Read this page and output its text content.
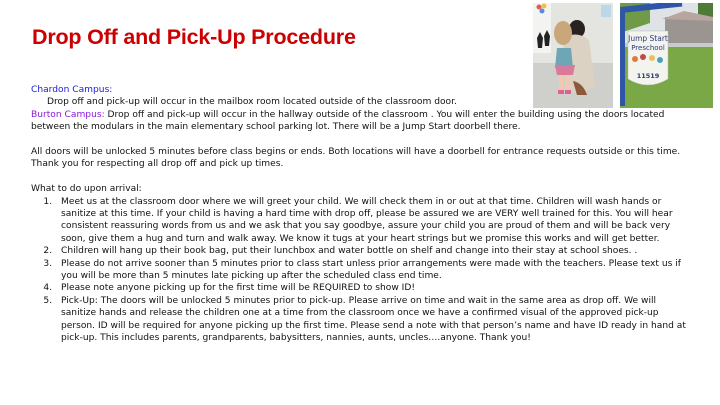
Drop Off and Pick-Up Procedure	Jump Start
Preschool
11519

Chardon Campus:

Drop off and pick-up will occur in the mailbox room located outside of the classroom door.

Burton Campus: Drop off and pick-up will occur in the hallway outside of the classroom . You will enter the building using the doors located between the modulars in the main elementary school parking lot. There will be a Jump Start doorbell there.

All doors will be unlocked 5 minutes before class begins or ends. Both locations will have a doorbell for entrance requests outside or this time. Thank you for respecting all drop off and pick up times.

What to do upon arrival:

1. Meet us at the classroom door where we will greet your child. We will check them in or out at that time. Children will wash hands or sanitize at this time. If your child is having a hard time with drop off, please be assured we are VERY well trained for this. You will hear consistent reassuring words from us and we ask that you say goodbye, assure your child you are proud of them and will be back very soon, give them a hug and turn and walk away. We know it tugs at your heart strings but we promise this works and will get better.
2. Children will hang up their book bag, put their lunchbox and water bottle on shelf and change into their stay at school shoes. .
3. Please do not arrive sooner than 5 minutes prior to class start unless prior arrangements were made with the teachers. Please text us if you will be more than 5 minutes late picking up after the scheduled class end time.
4. Please note anyone picking up for the first time will be REQUIRED to show ID!
5. Pick-Up: The doors will be unlocked 5 minutes prior to pick-up. Please arrive on time and wait in the same area as drop off. We will sanitize hands and release the children one at a time from the classroom once we have a confirmed visual of the approved pick-up person. ID will be required for anyone picking up the first time. Please send a note with that person’s name and have ID ready in hand at pick-up. This includes parents, grandparents, babysitters, nannies, aunts, uncles….anyone. Thank you!
